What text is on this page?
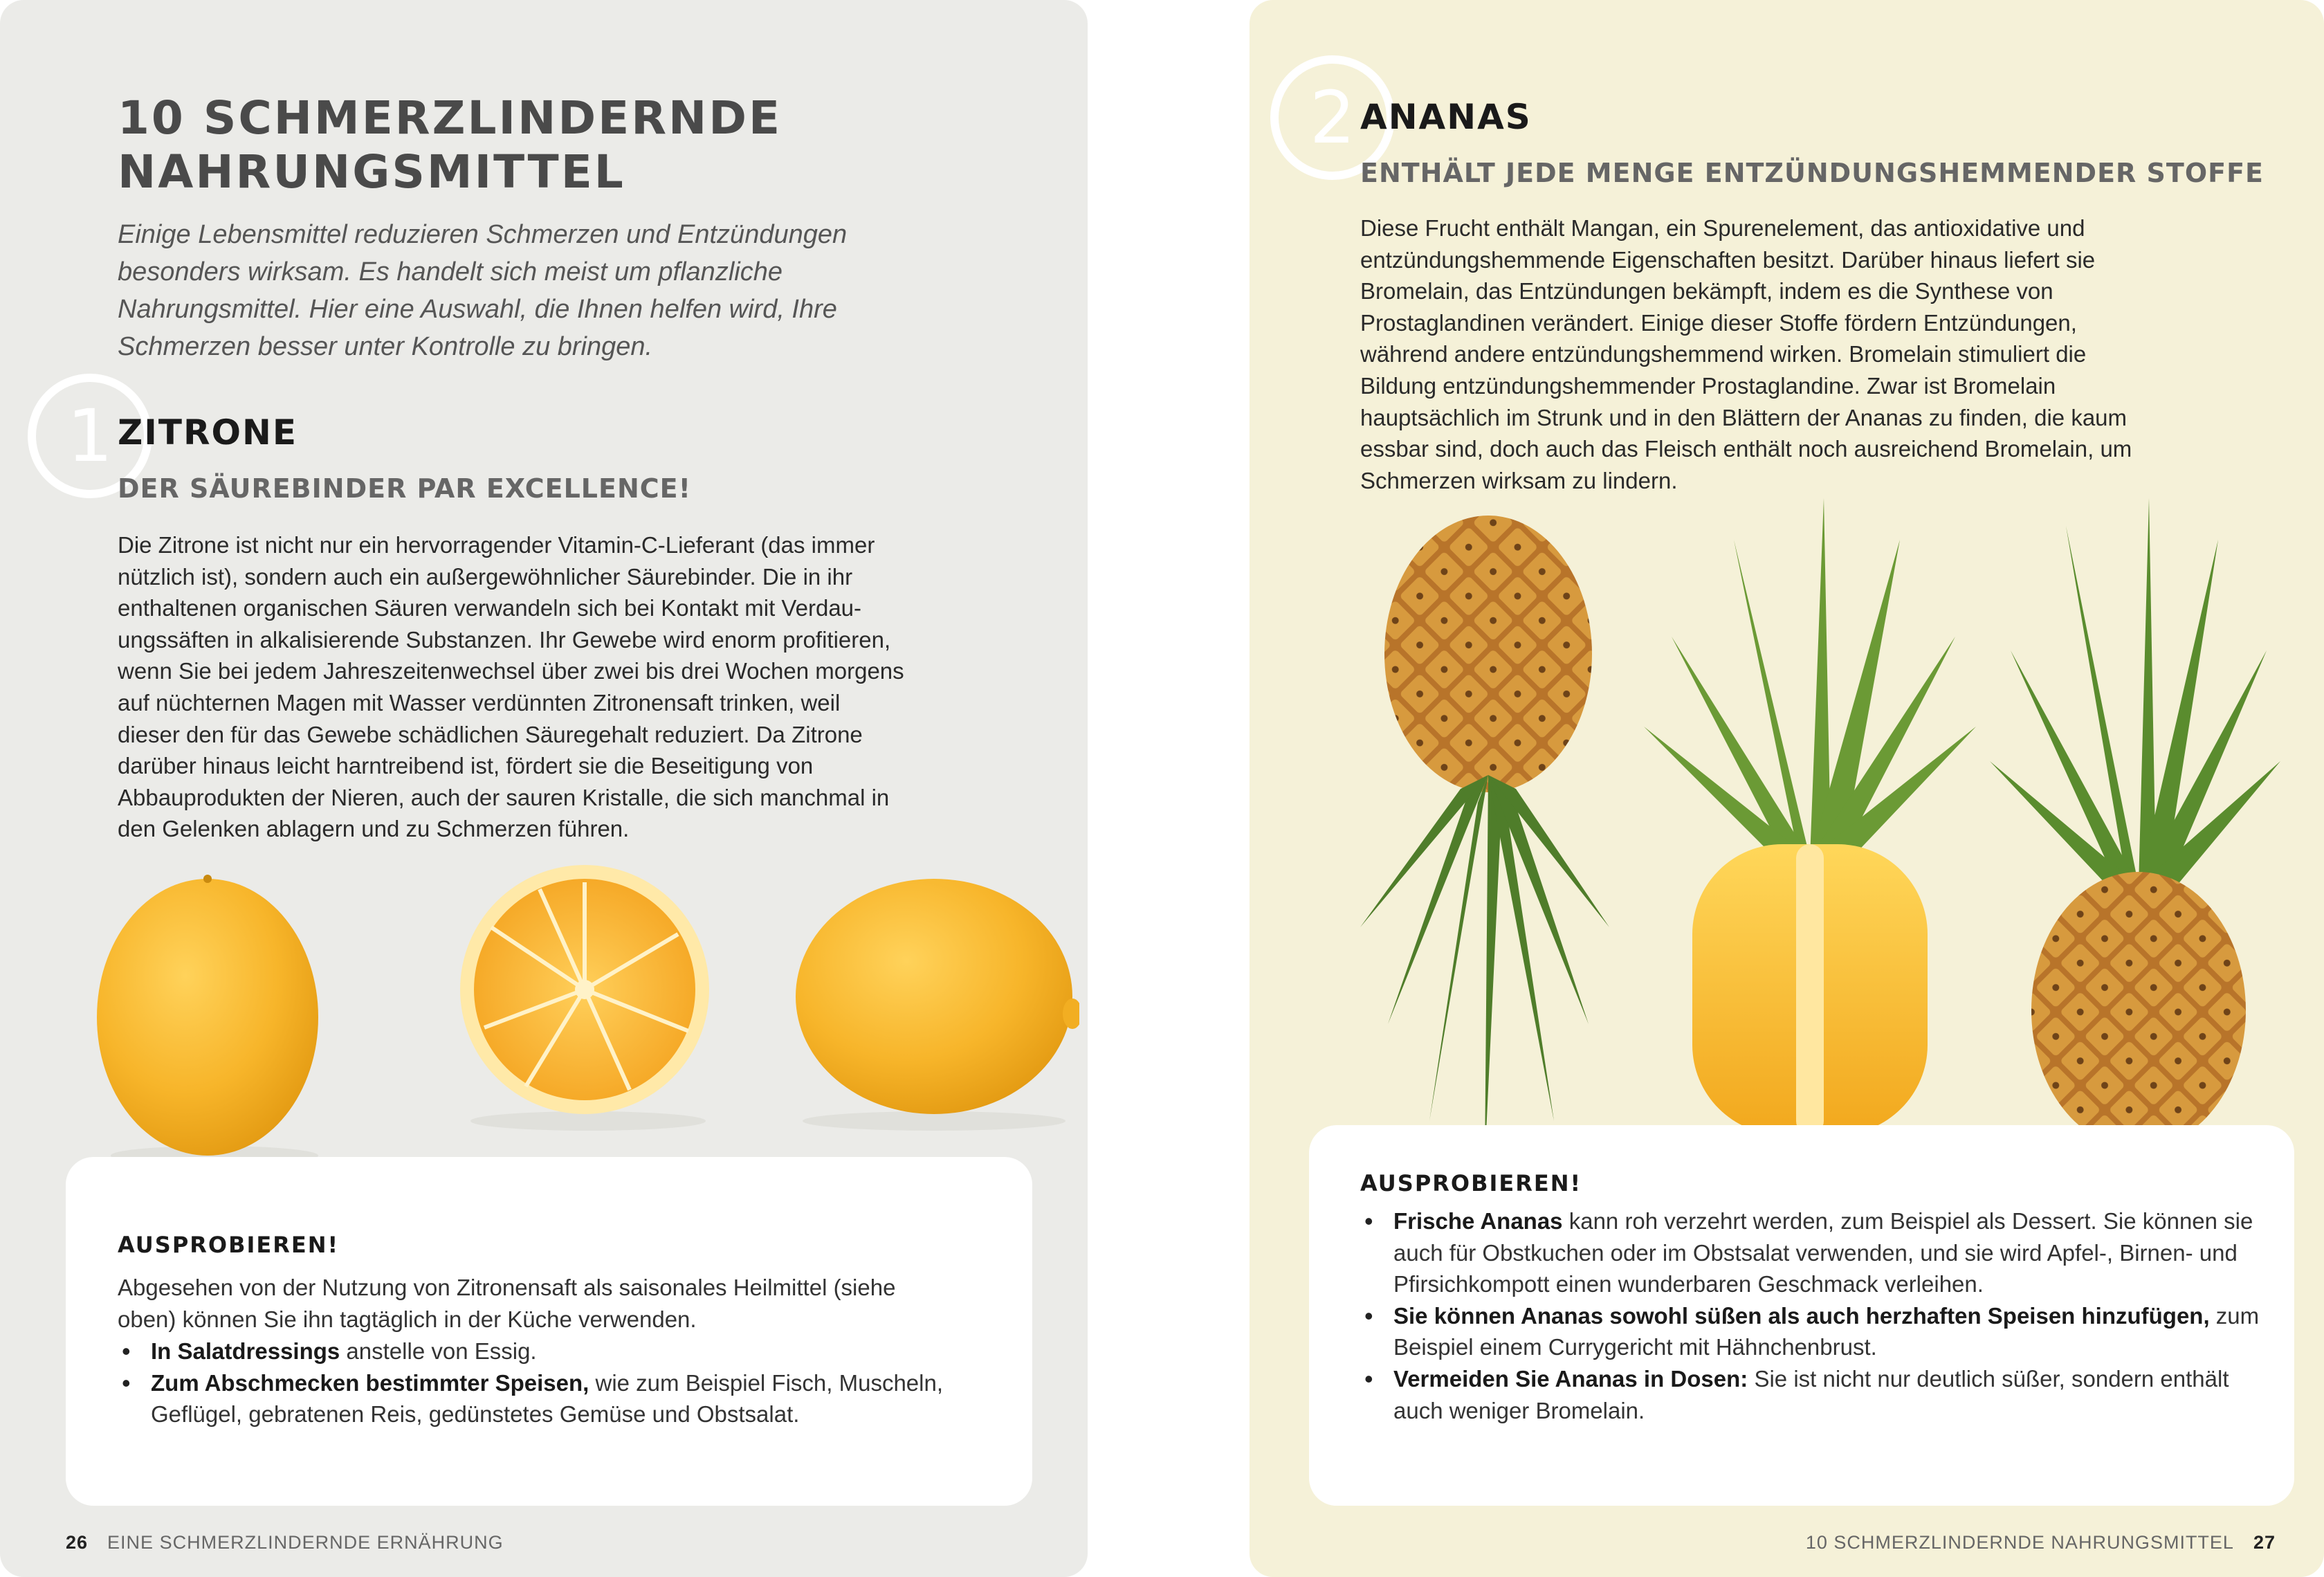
10 SCHMERZLINDERNDE
NAHRUNGSMITTEL
Einige Lebensmittel reduzieren Schmerzen und Entzündungen
besonders wirksam. Es handelt sich meist um pflanzliche
Nahrungsmittel. Hier eine Auswahl, die Ihnen helfen wird, Ihre
Schmerzen besser unter Kontrolle zu bringen.
1 ZITRONE
DER SÄUREBINDER PAR EXCELLENCE!
Die Zitrone ist nicht nur ein hervorragender Vitamin-C-Lieferant (das immer
nützlich ist), sondern auch ein außergewöhnlicher Säurebinder. Die in ihr
enthaltenen organischen Säuren verwandeln sich bei Kontakt mit Verdau-
ungssäften in alkalisierende Substanzen. Ihr Gewebe wird enorm profitieren,
wenn Sie bei jedem Jahreszeitenwechsel über zwei bis drei Wochen morgens
auf nüchternen Magen mit Wasser verdünnten Zitronensaft trinken, weil
dieser den für das Gewebe schädlichen Säuregehalt reduziert. Da Zitrone
darüber hinaus leicht harntreibend ist, fördert sie die Beseitigung von
Abbauprodukten der Nieren, auch der sauren Kristalle, die sich manchmal in
den Gelenken ablagern und zu Schmerzen führen.
AUSPROBIEREN!
Abgesehen von der Nutzung von Zitronensaft als saisonales Heilmittel (siehe
oben) können Sie ihn tagtäglich in der Küche verwenden.
• In Salatdressings anstelle von Essig.
• Zum Abschmecken bestimmter Speisen, wie zum Beispiel Fisch, Muscheln, Geflügel, gebratenen Reis, gedünstetes Gemüse und Obstsalat.
26 EINE SCHMERZLINDERNDE ERNÄHRUNG
2 ANANAS
ENTHÄLT JEDE MENGE ENTZÜNDUNGSHEMMENDER STOFFE
Diese Frucht enthält Mangan, ein Spurenelement, das antioxidative und
entzündungshemmende Eigenschaften besitzt. Darüber hinaus liefert sie
Bromelain, das Entzündungen bekämpft, indem es die Synthese von
Prostaglandinen verändert. Einige dieser Stoffe fördern Entzündungen,
während andere entzündungshemmend wirken. Bromelain stimuliert die
Bildung entzündungshemmender Prostaglandine. Zwar ist Bromelain
hauptsächlich im Strunk und in den Blättern der Ananas zu finden, die kaum
essbar sind, doch auch das Fleisch enthält noch ausreichend Bromelain, um
Schmerzen wirksam zu lindern.
AUSPROBIEREN!
• Frische Ananas kann roh verzehrt werden, zum Beispiel als Dessert. Sie können sie auch für Obstkuchen oder im Obstsalat verwenden, und sie wird Apfel-, Birnen- und Pfirsichkompott einen wunderbaren Geschmack verleihen.
• Sie können Ananas sowohl süßen als auch herzhaften Speisen hinzufügen, zum Beispiel einem Currygericht mit Hähnchenbrust.
• Vermeiden Sie Ananas in Dosen: Sie ist nicht nur deutlich süßer, sondern enthält auch weniger Bromelain.
10 SCHMERZLINDERNDE NAHRUNGSMITTEL 27
